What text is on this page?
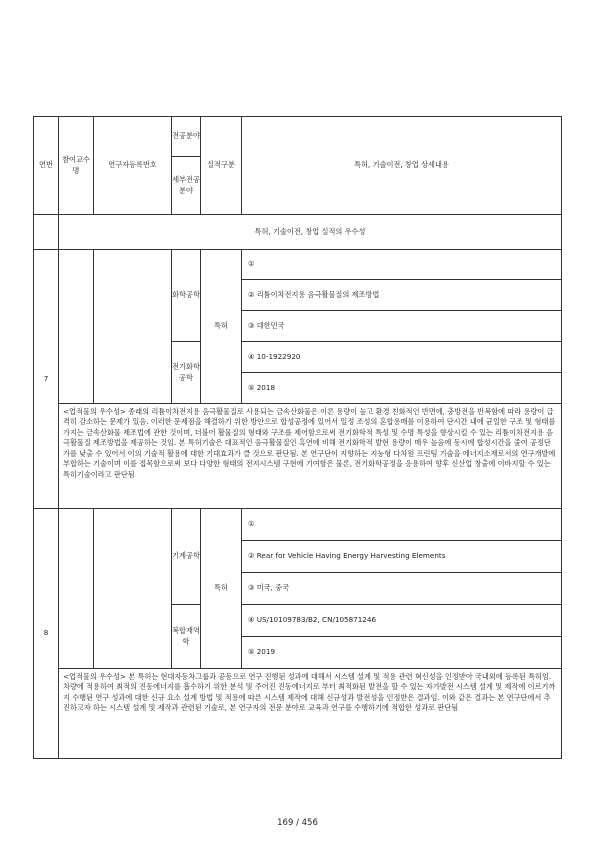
연번	참여교수명	연구자등록번호	전공분야	실적구분	특허, 기술이전, 창업 상세내용
			세부전공분야		
	특허, 기술이전, 창업 실적의 우수성				
7			화학공학	특허	①
					② 리튬이차전지용 음극활물질의 제조방법
					③ 대한민국
			전기화학공학		④ 10-1922920
					⑤ 2018
	<업적물의 우수성> 종래의 리튬이차전지용 음극활물질로 사용되는 금속산화물은 이론 용량이 높고 환경 친화적인 반면에, 충방전을 반복함에 따라 용량이 급격히 감소하는 문제가 있음. 이러한 문제점을 해결하기 위한 방안으로 합성공정에 있어서 일정 조성의 혼합용매를 이용하여 단시간 내에 균일한 구조 및 형태를 가지는 금속산화물 제조법에 관한 것이며, 더불어 활물질의 형태와 구조를 제어함으로써 전기화학적 특성 및 수명 특성을 향상시킬 수 있는 리튬이차전지용 음극활물질 제조방법을 제공하는 것임. 본 특허기술은 대표적인 음극활물질인 흑연에 비해 전기화학적 발현 용량이 매우 높음에 동시에 합성시간을 줄여 공정단가를 낮출 수 있어서 이의 기술적 활용에 대한 기대효과가 클 것으로 판단됨. 본 연구단이 지향하는 지능형 다차원 프린팅 기술을 에너지소재로서의 연구개발에 부합하는 기술이며 이를 접목함으로써 보다 다양한 형태의 전지시스템 구현에 기여함은 물론, 전기화학공정을 응용하여 향후 신산업 창출에 이바지할 수 있는 특히기술이라고 판단됨				
8			기계공학	특허	①
					② Rear for Vehicle Having Energy Harvesting Elements
					③ 미국, 중국
			복합재역학		④ US/10109783/B2, CN/105871246
					⑤ 2019
	<업적물의 우수성> 본 특허는 현대자동차그룹과 공동으로 연구 진행된 성과에 대해서 시스템 설계 및 적용 관련 혁신성을 인정받아 국내외에 등록된 특허임. 차량에 적용하여 최적의 진동에너지를 흡수하기 위한 분석 및 주어진 진동에너지로 부터 최적화된 발전을 할 수 있는 자가발전 시스템 설계 및 제작에 이르기까지 수행된 연구 성과에 대한 신규 요소 설계 방법 및 적용에 따른 시스템 제작에 대해 신규성과 발전성을 인정받은 결과임. 이와 같은 결과는 본 연구단에서 추진하고자 하는 시스템 설계 및 제작과 관련된 기술로, 본 연구자의 전문 분야로 교육과 연구를 수행하기에 적합한 성과로 판단됨				
169 / 456
